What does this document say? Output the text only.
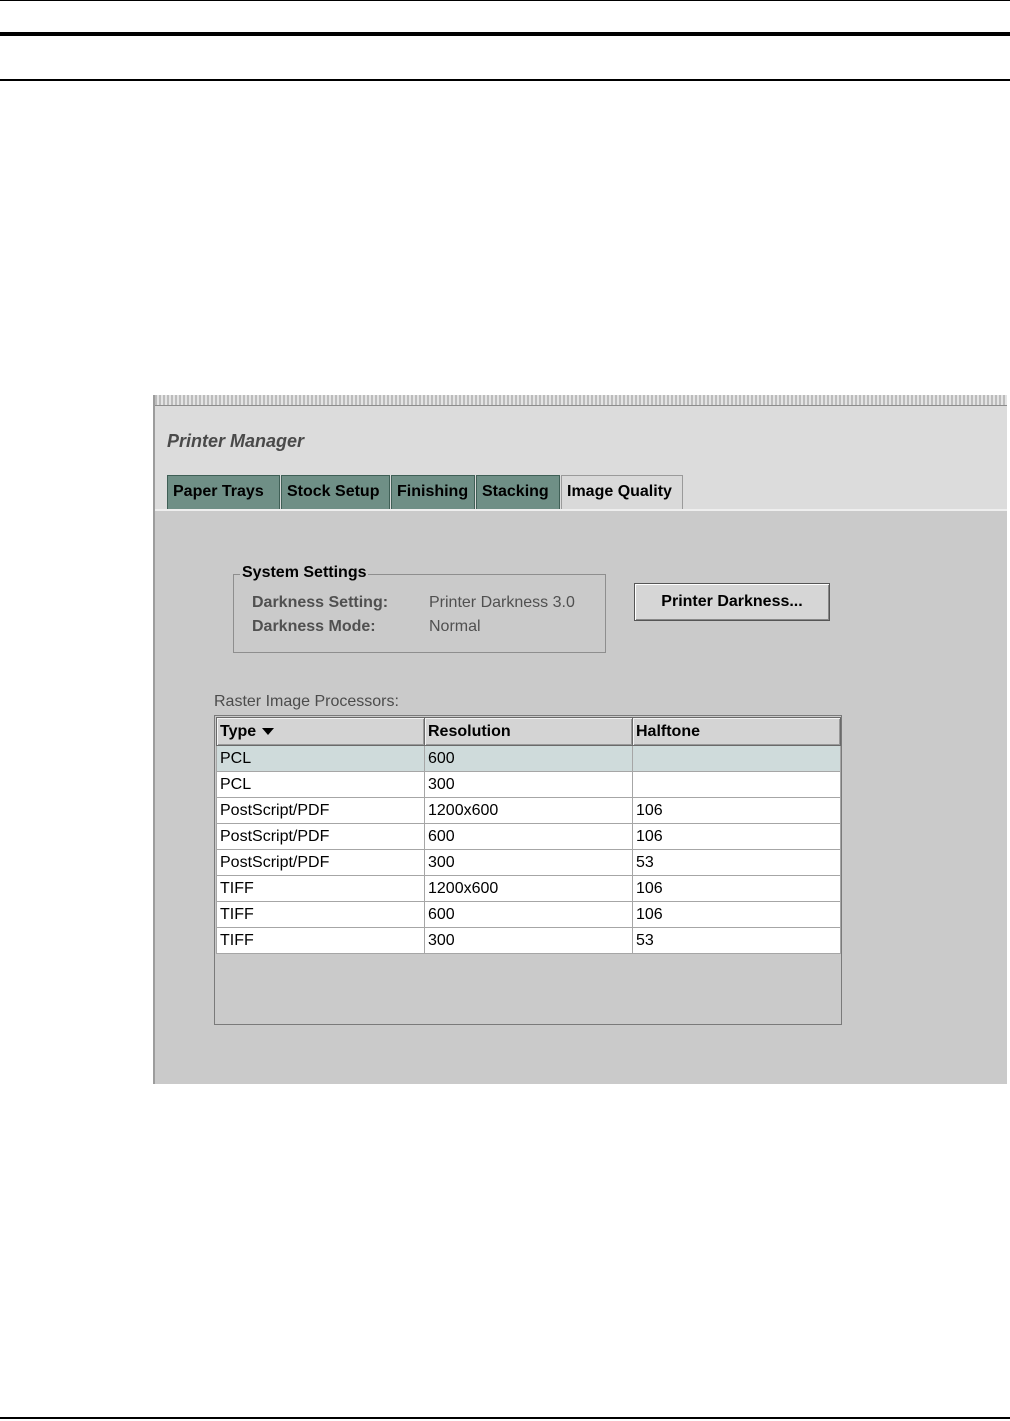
Printer Manager
Paper Trays	Stock Setup	Finishing Stacking	Image Quality
System Settings
Darkness Setting:	Printer Darkness 3.0
Darkness Mode:	Normal
Printer Darkness...
Raster Image Processors:
Type	Resolution	Halftone
PCL	600	
PCL	300	
PostScript/PDF	1200x600	106
PostScript/PDF	600	106
PostScript/PDF	300	53
TIFF	1200x600	106
TIFF	600	106
TIFF	300	53
